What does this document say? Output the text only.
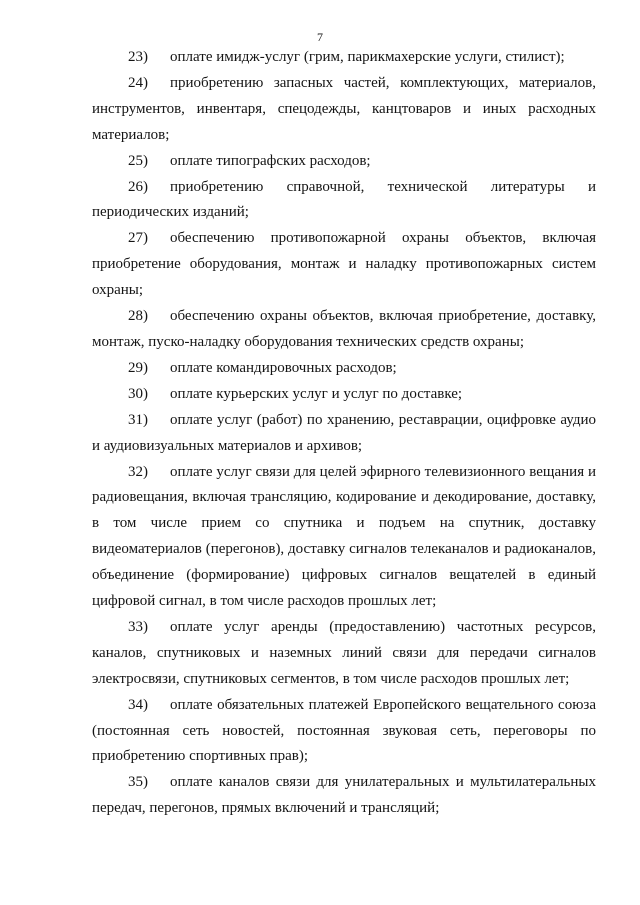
7

23) оплате имидж-услуг (грим, парикмахерские услуги, стилист);

24) приобретению запасных частей, комплектующих, материалов, инструментов, инвентаря, спецодежды, канцтоваров и иных расходных материалов;

25) оплате типографских расходов;

26) приобретению справочной, технической литературы и периодических изданий;

27) обеспечению противопожарной охраны объектов, включая приобретение оборудования, монтаж и наладку противопожарных систем охраны;

28) обеспечению охраны объектов, включая приобретение, доставку, монтаж, пуско-наладку оборудования технических средств охраны;

29) оплате командировочных расходов;

30) оплате курьерских услуг и услуг по доставке;

31) оплате услуг (работ) по хранению, реставрации, оцифровке аудио и аудиовизуальных материалов и архивов;

32) оплате услуг связи для целей эфирного телевизионного вещания и радиовещания, включая трансляцию, кодирование и декодирование, доставку, в том числе прием со спутника и подъем на спутник, доставку видеоматериалов (перегонов), доставку сигналов телеканалов и радиоканалов, объединение (формирование) цифровых сигналов вещателей в единый цифровой сигнал, в том числе расходов прошлых лет;

33) оплате услуг аренды (предоставлению) частотных ресурсов, каналов, спутниковых и наземных линий связи для передачи сигналов электросвязи, спутниковых сегментов, в том числе расходов прошлых лет;

34) оплате обязательных платежей Европейского вещательного союза (постоянная сеть новостей, постоянная звуковая сеть, переговоры по приобретению спортивных прав);

35) оплате каналов связи для унилатеральных и мультилатеральных передач, перегонов, прямых включений и трансляций;
